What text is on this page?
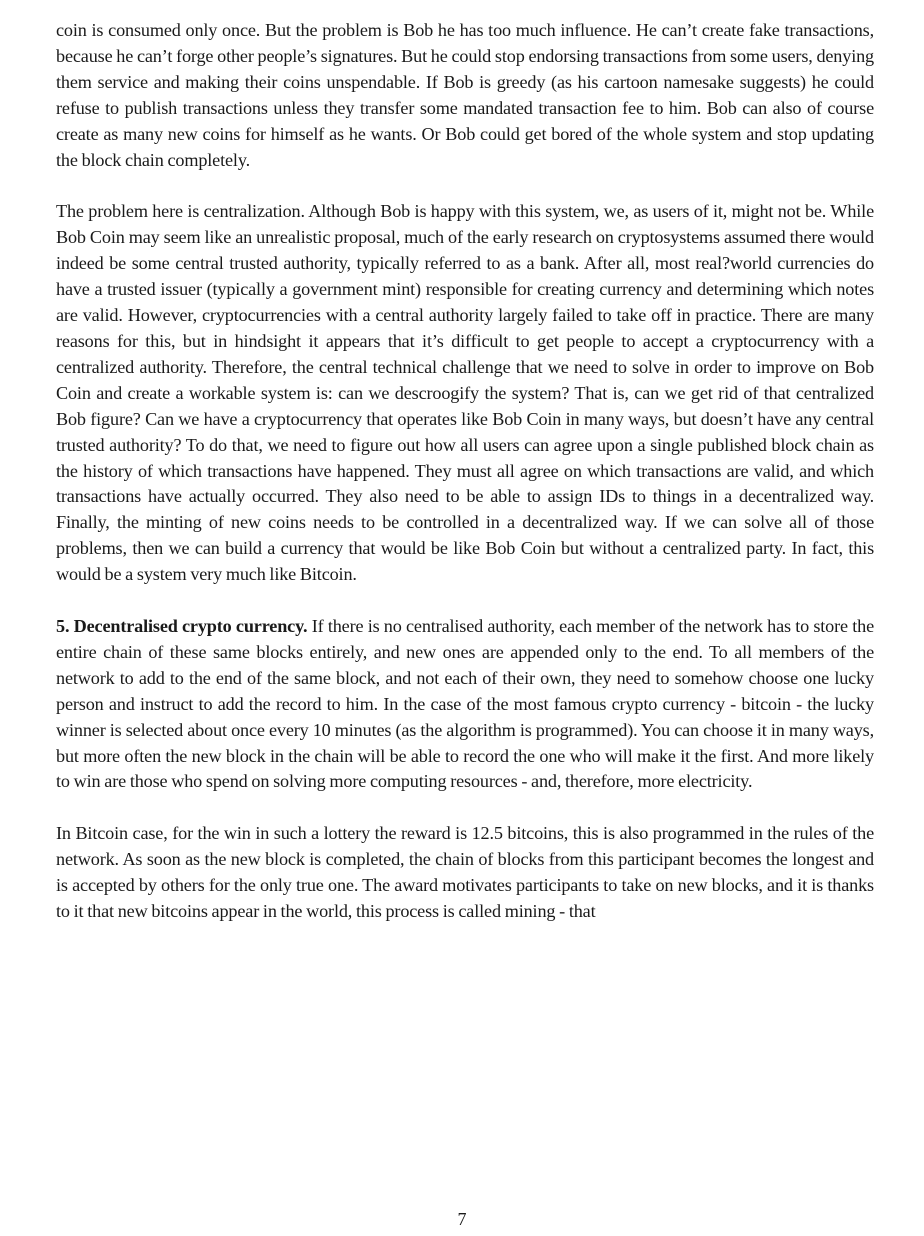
coin is consumed only once. But the problem is Bob he has too much influence. He can’t create fake transactions, because he can’t forge other people’s signatures. But he could stop endorsing transactions from some users, denying them service and making their coins unspendable. If Bob is greedy (as his cartoon namesake suggests) he could refuse to publish transactions unless they transfer some mandated transaction fee to him. Bob can also of course create as many new coins for himself as he wants. Or Bob could get bored of the whole system and stop updating the block chain completely.

The problem here is centralization. Although Bob is happy with this system, we, as users of it, might not be. While Bob Coin may seem like an unrealistic proposal, much of the early research on cryptosystems assumed there would indeed be some central trusted authority, typically referred to as a bank. After all, most real?world currencies do have a trusted issuer (typically a government mint) responsible for creating currency and determining which notes are valid. However, cryptocurrencies with a central authority largely failed to take off in practice. There are many reasons for this, but in hindsight it appears that it’s difficult to get people to accept a cryptocurrency with a centralized authority. Therefore, the central technical challenge that we need to solve in order to improve on Bob Coin and create a workable system is: can we descroogify the system? That is, can we get rid of that centralized Bob figure? Can we have a cryptocurrency that operates like Bob Coin in many ways, but doesn’t have any central trusted authority? To do that, we need to figure out how all users can agree upon a single published block chain as the history of which transactions have happened. They must all agree on which transactions are valid, and which transactions have actually occurred. They also need to be able to assign IDs to things in a decentralized way. Finally, the minting of new coins needs to be controlled in a decentralized way. If we can solve all of those problems, then we can build a currency that would be like Bob Coin but without a centralized party. In fact, this would be a system very much like Bitcoin.

5. Decentralised crypto currency. If there is no centralised authority, each member of the network has to store the entire chain of these same blocks entirely, and new ones are appended only to the end. To all members of the network to add to the end of the same block, and not each of their own, they need to somehow choose one lucky person and instruct to add the record to him. In the case of the most famous crypto currency - bitcoin - the lucky winner is selected about once every 10 minutes (as the algorithm is programmed). You can choose it in many ways, but more often the new block in the chain will be able to record the one who will make it the first. And more likely to win are those who spend on solving more computing resources - and, therefore, more electricity.

In Bitcoin case, for the win in such a lottery the reward is 12.5 bitcoins, this is also programmed in the rules of the network. As soon as the new block is completed, the chain of blocks from this participant becomes the longest and is accepted by others for the only true one. The award motivates participants to take on new blocks, and it is thanks to it that new bitcoins appear in the world, this process is called mining - that

7
